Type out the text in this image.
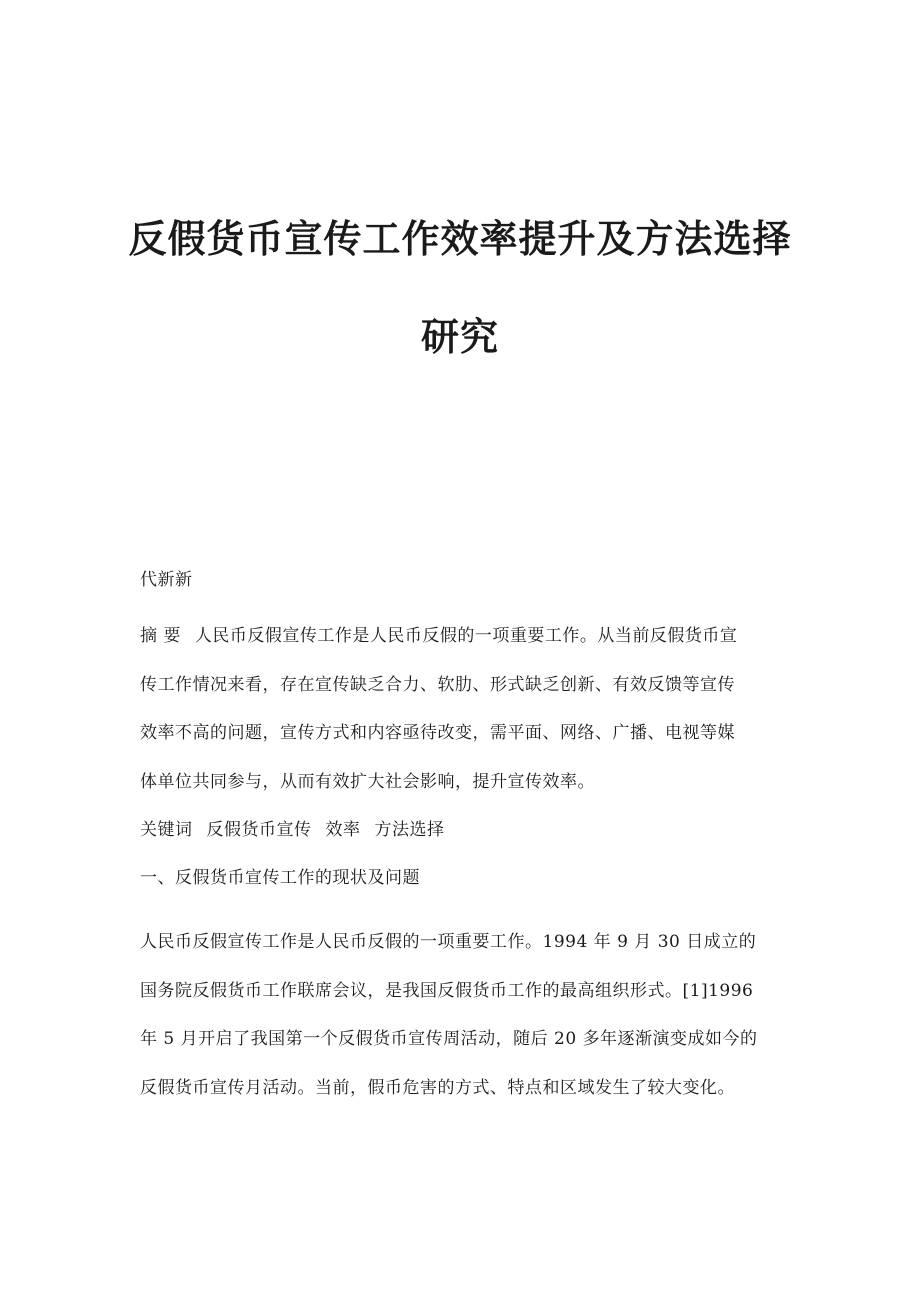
反假货币宣传工作效率提升及方法选择
研究

代新新

摘 要 人民币反假宣传工作是人民币反假的一项重要工作。从当前反假货币宣
传工作情况来看，存在宣传缺乏合力、软肋、形式缺乏创新、有效反馈等宣传
效率不高的问题，宣传方式和内容亟待改变，需平面、网络、广播、电视等媒
体单位共同参与，从而有效扩大社会影响，提升宣传效率。

关键词 反假货币宣传 效率 方法选择

一、反假货币宣传工作的现状及问题

人民币反假宣传工作是人民币反假的一项重要工作。1994 年 9 月 30 日成立的
国务院反假货币工作联席会议，是我国反假货币工作的最高组织形式。[1]1996
年 5 月开启了我国第一个反假货币宣传周活动，随后 20 多年逐渐演变成如今的
反假货币宣传月活动。当前，假币危害的方式、特点和区域发生了较大变化。
